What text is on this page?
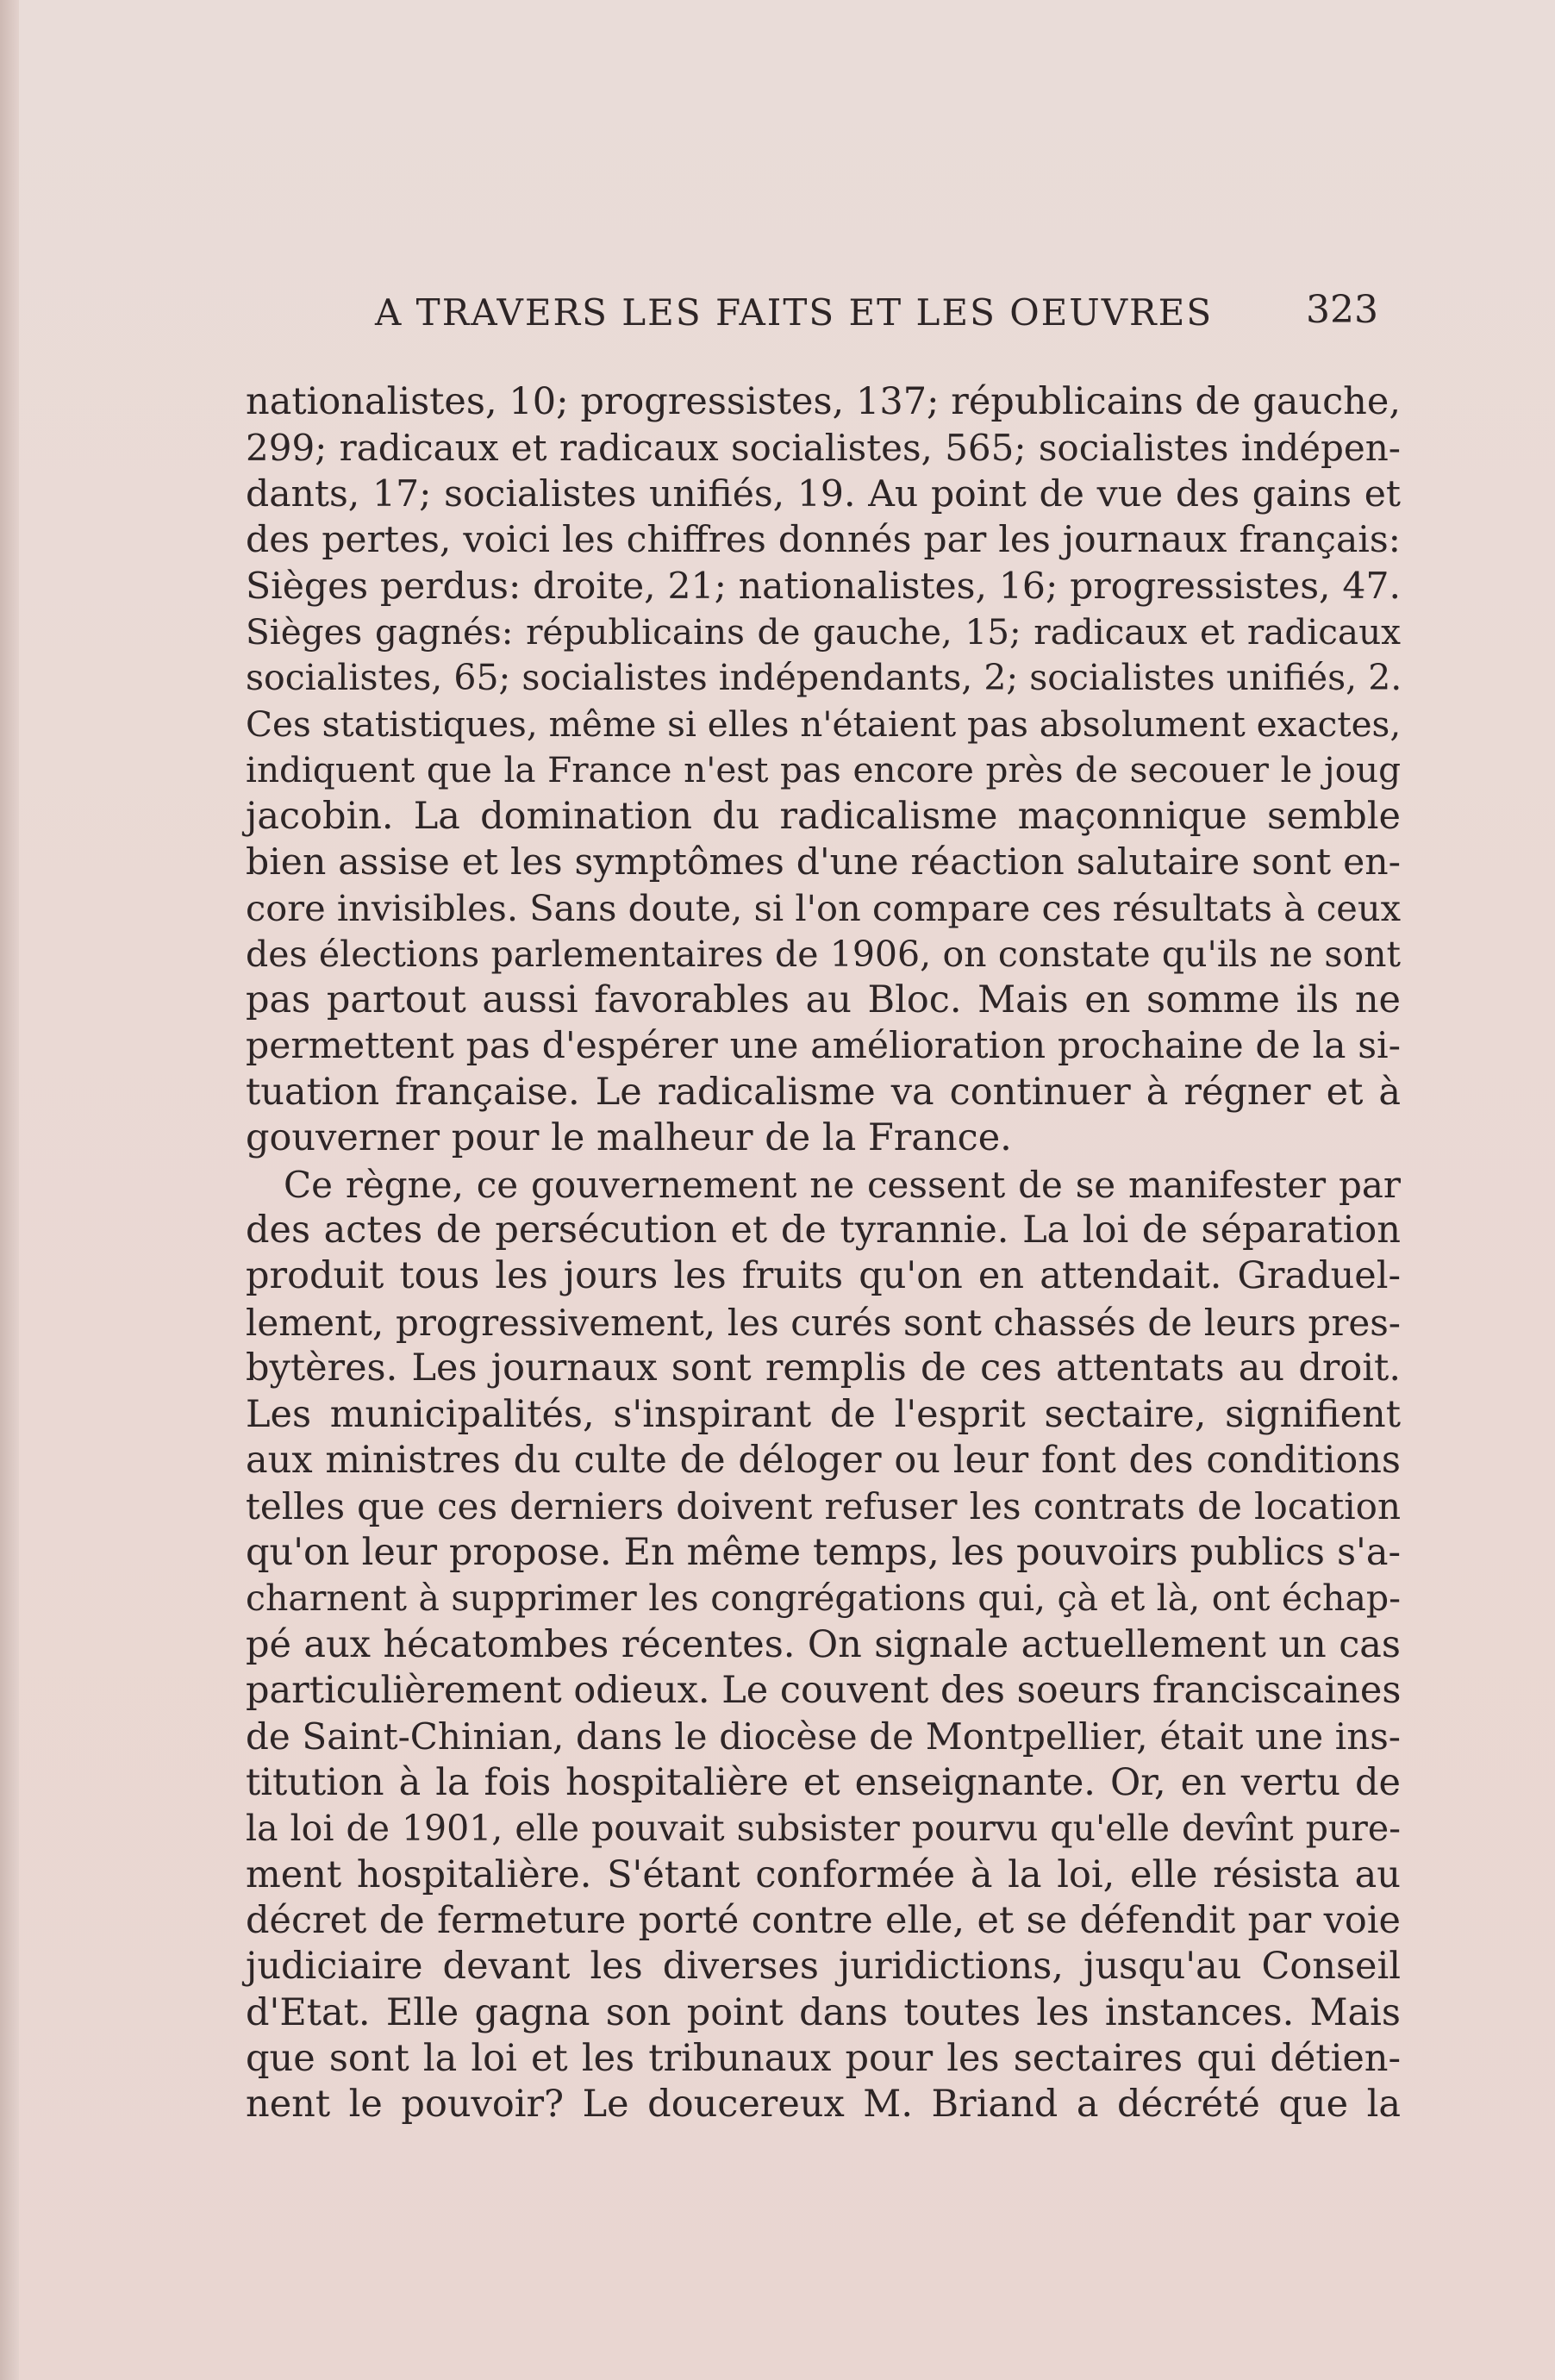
A TRAVERS LES FAITS ET LES OEUVRES 323
nationalistes, 10; progressistes, 137; républicains de gauche,
299; radicaux et radicaux socialistes, 565; socialistes indépen-
dants, 17; socialistes unifiés, 19. Au point de vue des gains et
des pertes, voici les chiffres donnés par les journaux français:
Sièges perdus: droite, 21; nationalistes, 16; progressistes, 47.
Sièges gagnés: républicains de gauche, 15; radicaux et radicaux
socialistes, 65; socialistes indépendants, 2; socialistes unifiés, 2.
Ces statistiques, même si elles n'étaient pas absolument exactes,
indiquent que la France n'est pas encore près de secouer le joug
jacobin. La domination du radicalisme maçonnique semble
bien assise et les symptômes d'une réaction salutaire sont en-
core invisibles. Sans doute, si l'on compare ces résultats à ceux
des élections parlementaires de 1906, on constate qu'ils ne sont
pas partout aussi favorables au Bloc. Mais en somme ils ne
permettent pas d'espérer une amélioration prochaine de la si-
tuation française. Le radicalisme va continuer à régner et à
gouverner pour le malheur de la France.
Ce règne, ce gouvernement ne cessent de se manifester par
des actes de persécution et de tyrannie. La loi de séparation
produit tous les jours les fruits qu'on en attendait. Graduel-
lement, progressivement, les curés sont chassés de leurs pres-
bytères. Les journaux sont remplis de ces attentats au droit.
Les municipalités, s'inspirant de l'esprit sectaire, signifient
aux ministres du culte de déloger ou leur font des conditions
telles que ces derniers doivent refuser les contrats de location
qu'on leur propose. En même temps, les pouvoirs publics s'a-
charnent à supprimer les congrégations qui, çà et là, ont échap-
pé aux hécatombes récentes. On signale actuellement un cas
particulièrement odieux. Le couvent des soeurs franciscaines
de Saint-Chinian, dans le diocèse de Montpellier, était une ins-
titution à la fois hospitalière et enseignante. Or, en vertu de
la loi de 1901, elle pouvait subsister pourvu qu'elle devînt pure-
ment hospitalière. S'étant conformée à la loi, elle résista au
décret de fermeture porté contre elle, et se défendit par voie
judiciaire devant les diverses juridictions, jusqu'au Conseil
d'Etat. Elle gagna son point dans toutes les instances. Mais
que sont la loi et les tribunaux pour les sectaires qui détien-
nent le pouvoir? Le doucereux M. Briand a décrété que la
